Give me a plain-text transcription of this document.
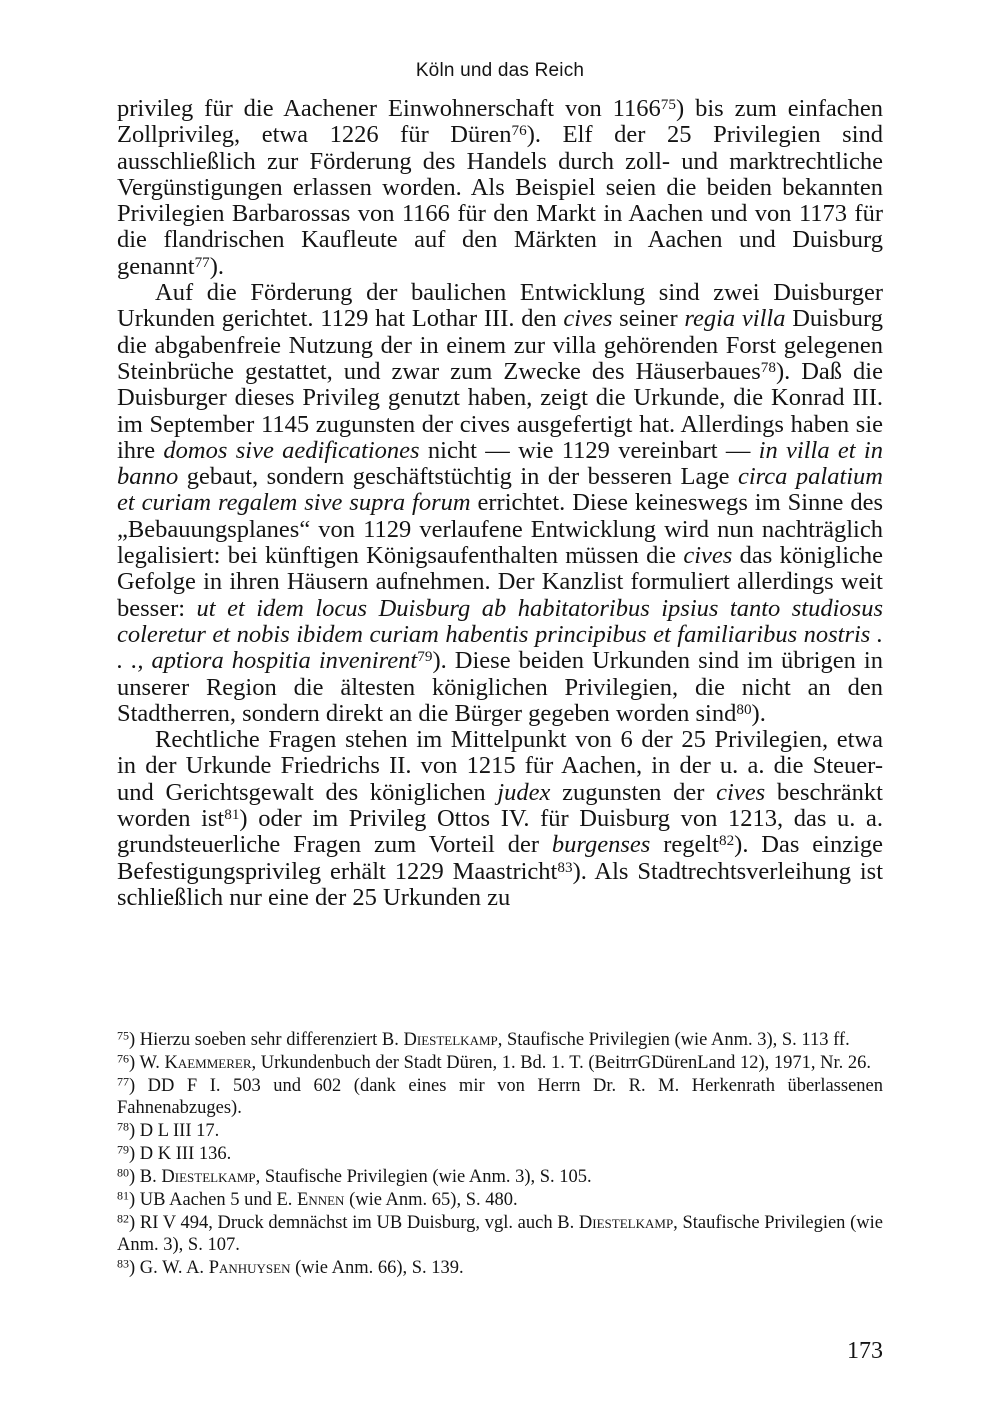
Köln und das Reich

privileg für die Aachener Einwohnerschaft von 1166$^{75}$) bis zum einfachen Zollprivileg, etwa 1226 für Düren$^{76}$). Elf der 25 Privilegien sind ausschließlich zur Förderung des Handels durch zoll- und marktrechtliche Vergünstigungen erlassen worden. Als Beispiel seien die beiden bekannten Privilegien Barbarossas von 1166 für den Markt in Aachen und von 1173 für die flandrischen Kaufleute auf den Märkten in Aachen und Duisburg genannt$^{77}$).

Auf die Förderung der baulichen Entwicklung sind zwei Duisburger Urkunden gerichtet. 1129 hat Lothar III. den cives seiner regia villa Duisburg die abgabenfreie Nutzung der in einem zur villa gehörenden Forst gelegenen Steinbrüche gestattet, und zwar zum Zwecke des Häuserbaues$^{78}$). Daß die Duisburger dieses Privileg genutzt haben, zeigt die Urkunde, die Konrad III. im September 1145 zugunsten der cives ausgefertigt hat. Allerdings haben sie ihre domos sive aedificationes nicht — wie 1129 vereinbart — in villa et in banno gebaut, sondern geschäftstüchtig in der besseren Lage circa palatium et curiam regalem sive supra forum errichtet. Diese keineswegs im Sinne des „Bebauungsplanes“ von 1129 verlaufene Entwicklung wird nun nachträglich legalisiert: bei künftigen Königsaufenthalten müssen die cives das königliche Gefolge in ihren Häusern aufnehmen. Der Kanzlist formuliert allerdings weit besser: ut et idem locus Duisburg ab habitatoribus ipsius tanto studiosus coleretur et nobis ibidem curiam habentis principibus et familiaribus nostris . . ., aptiora hospitia invenirent$^{79}$). Diese beiden Urkunden sind im übrigen in unserer Region die ältesten königlichen Privilegien, die nicht an den Stadtherren, sondern direkt an die Bürger gegeben worden sind$^{80}$).

Rechtliche Fragen stehen im Mittelpunkt von 6 der 25 Privilegien, etwa in der Urkunde Friedrichs II. von 1215 für Aachen, in der u. a. die Steuer- und Gerichtsgewalt des königlichen judex zugunsten der cives beschränkt worden ist$^{81}$) oder im Privileg Ottos IV. für Duisburg von 1213, das u. a. grundsteuerliche Fragen zum Vorteil der burgenses regelt$^{82}$). Das einzige Befestigungsprivileg erhält 1229 Maastricht$^{83}$). Als Stadtrechtsverleihung ist schließlich nur eine der 25 Urkunden zu

$^{75}$) Hierzu soeben sehr differenziert B. Diestelkamp, Staufische Privilegien (wie Anm. 3), S. 113 ff.

$^{76}$) W. Kaemmerer, Urkundenbuch der Stadt Düren, 1. Bd. 1. T. (BeitrrGDürenLand 12), 1971, Nr. 26.

$^{77}$) DD F I. 503 und 602 (dank eines mir von Herrn Dr. R. M. Herkenrath überlassenen Fahnenabzuges).

$^{78}$) D L III 17.

$^{79}$) D K III 136.

$^{80}$) B. Diestelkamp, Staufische Privilegien (wie Anm. 3), S. 105.

$^{81}$) UB Aachen 5 und E. Ennen (wie Anm. 65), S. 480.

$^{82}$) RI V 494, Druck demnächst im UB Duisburg, vgl. auch B. Diestelkamp, Staufische Privilegien (wie Anm. 3), S. 107.

$^{83}$) G. W. A. Panhuysen (wie Anm. 66), S. 139.

173
